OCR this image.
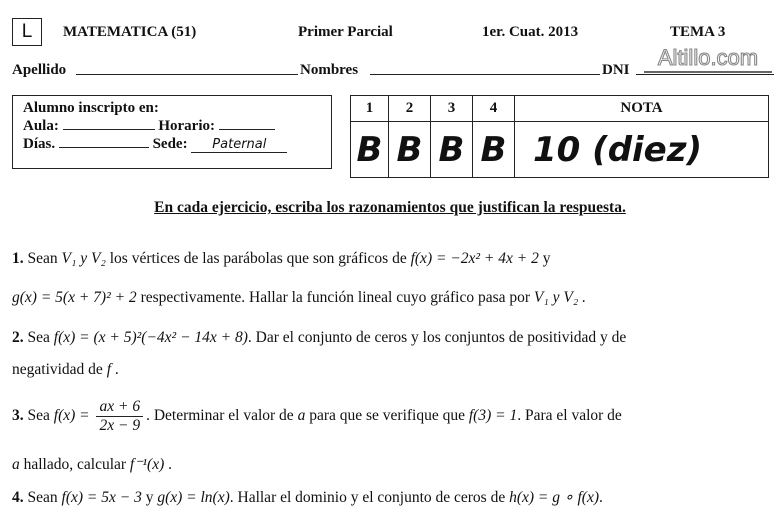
L	MATEMATICA (51)	Primer Parcial	1er. Cuat. 2013	TEMA 3
Altillo.com
Apellido	Nombres	DNI
Alumno inscripto en:
Aula:	Horario:
Días.	Sede: Paternal
1	2	3	4	NOTA
B	B	B	B	10 (diez)
En cada ejercicio, escriba los razonamientos que justifican la respuesta.
1. Sean V₁ y V₂ los vértices de las parábolas que son gráficos de f(x) = −2x² + 4x + 2 y
g(x) = 5(x + 7)² + 2 respectivamente. Hallar la función lineal cuyo gráfico pasa por V₁ y V₂ .
2. Sea f(x) = (x + 5)²(−4x² − 14x + 8). Dar el conjunto de ceros y los conjuntos de positividad y de
negatividad de f .
3. Sea $f(x) = \frac{ax + 6}{2x - 9}$ . Determinar el valor de a para que se verifique que f(3) = 1. Para el valor de
a hallado, calcular f⁻¹(x) .
4. Sean f(x) = 5x − 3 y g(x) = ln(x). Hallar el dominio y el conjunto de ceros de h(x) = g ∘ f(x).
